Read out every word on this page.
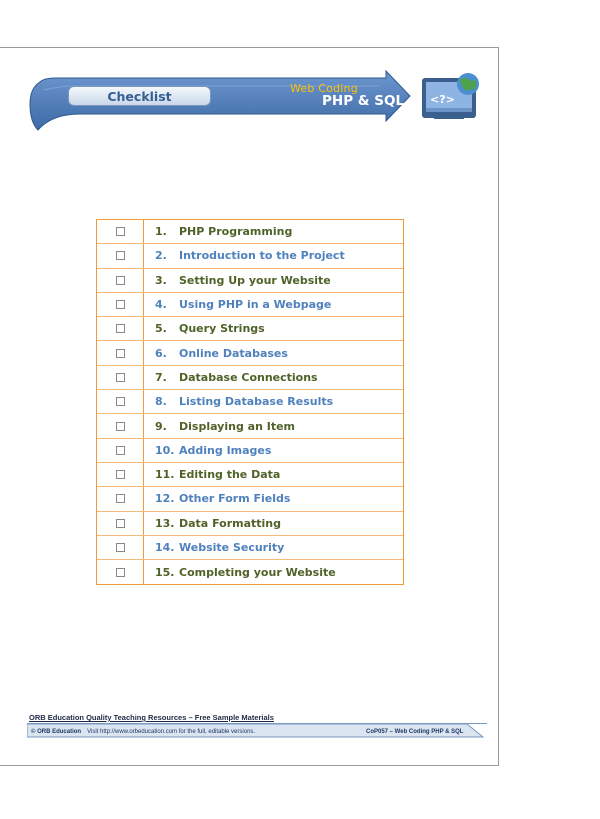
<?>
Checklist	Web Coding
PHP & SQL
1.	PHP Programming
2.	Introduction to the Project
3.	Setting Up your Website
4.	Using PHP in a Webpage
5.	Query Strings
6.	Online Databases
7.	Database Connections
8.	Listing Database Results
9.	Displaying an Item
10. Adding Images
11. Editing the Data
12. Other Form Fields
13. Data Formatting
14. Website Security
15. Completing your Website
ORB Education Quality Teaching Resources – Free Sample Materials
© ORB Education Visit http://www.orbeducation.com for the full, editable versions.	CoP057 – Web Coding PHP & SQL
